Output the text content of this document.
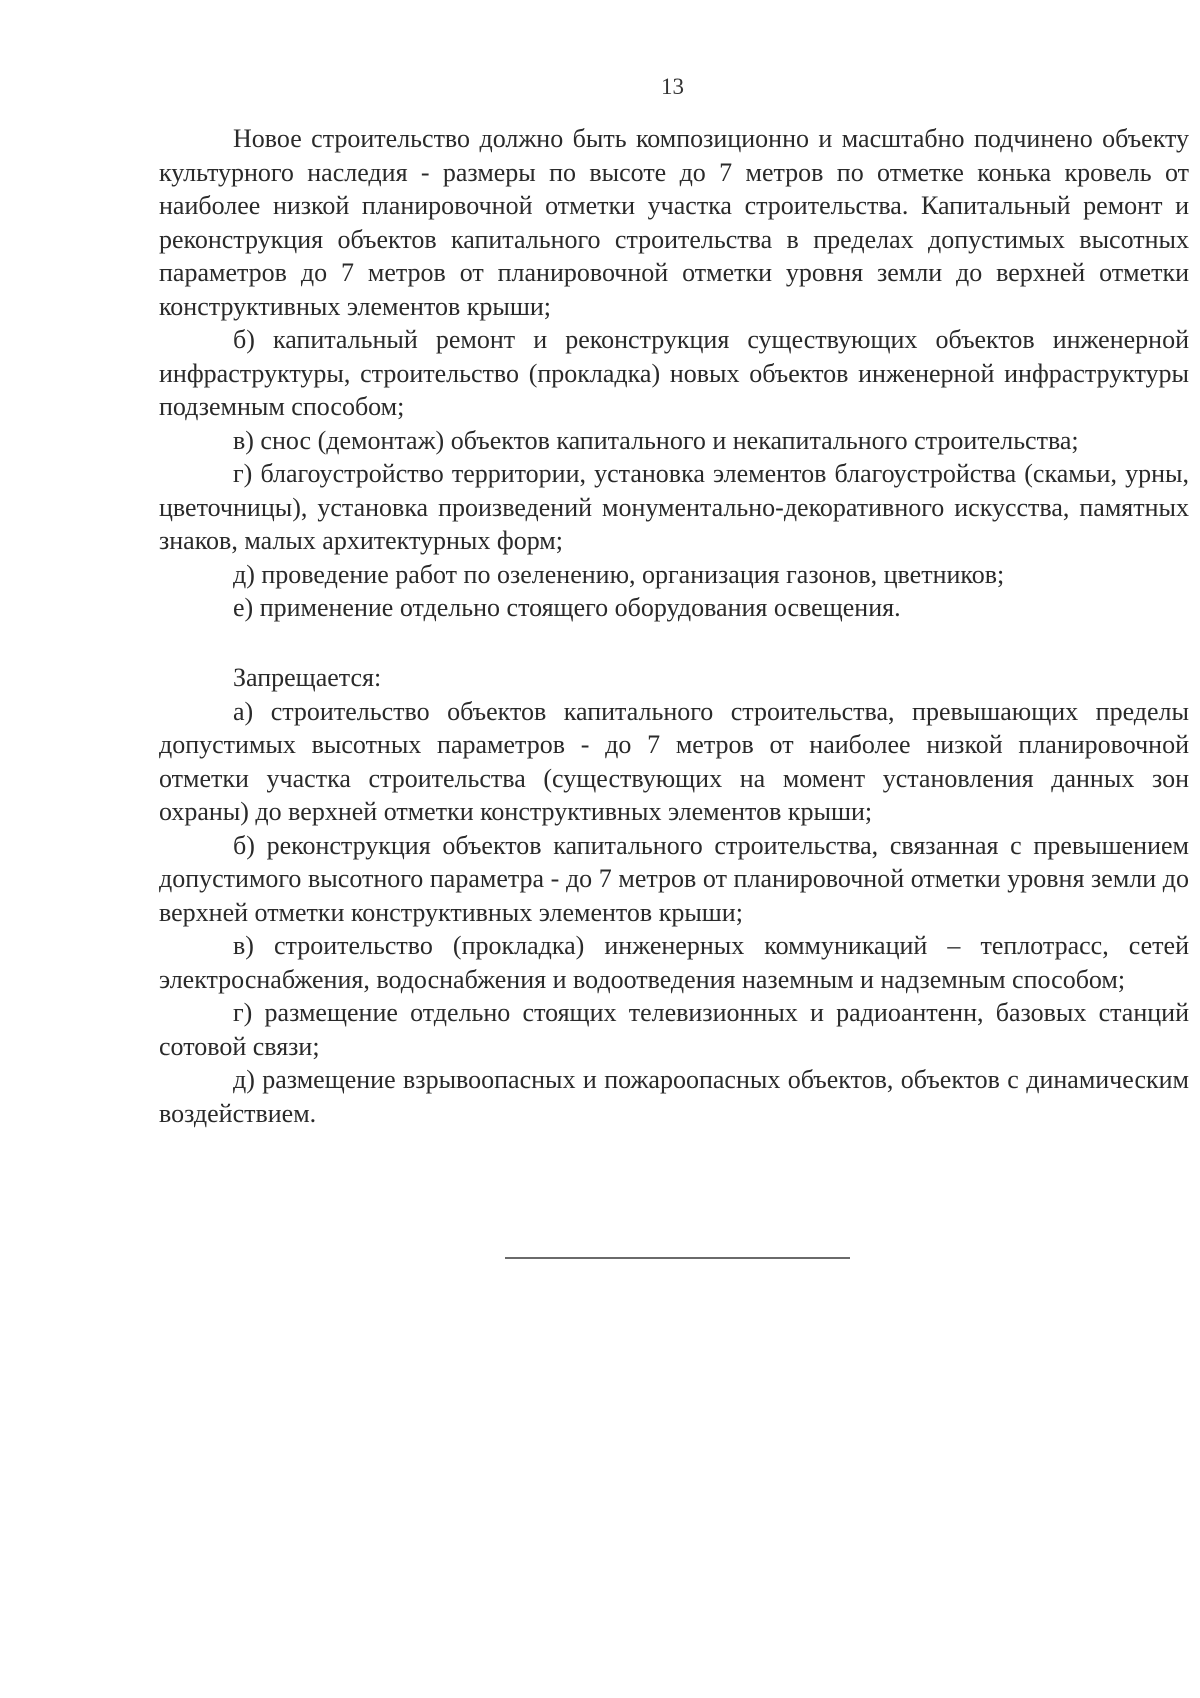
13

Новое строительство должно быть композиционно и масштабно подчинено объекту культурного наследия - размеры по высоте до 7 метров по отметке конька кровель от наиболее низкой планировочной отметки участка строительства. Капитальный ремонт и реконструкция объектов капитального строительства в пределах допустимых высотных параметров до 7 метров от планировочной отметки уровня земли до верхней отметки конструктивных элементов крыши;

б) капитальный ремонт и реконструкция существующих объектов инженерной инфраструктуры, строительство (прокладка) новых объектов инженерной инфраструктуры подземным способом;

в) снос (демонтаж) объектов капитального и некапитального строительства;

г) благоустройство территории, установка элементов благоустройства (скамьи, урны, цветочницы), установка произведений монументально-декоративного искусства, памятных знаков, малых архитектурных форм;

д) проведение работ по озеленению, организация газонов, цветников;

е) применение отдельно стоящего оборудования освещения.

Запрещается:

а) строительство объектов капитального строительства, превышающих пределы допустимых высотных параметров - до 7 метров от наиболее низкой планировочной отметки участка строительства (существующих на момент установления данных зон охраны) до верхней отметки конструктивных элементов крыши;

б) реконструкция объектов капитального строительства, связанная с превышением допустимого высотного параметра - до 7 метров от планировочной отметки уровня земли до верхней отметки конструктивных элементов крыши;

в) строительство (прокладка) инженерных коммуникаций – теплотрасс, сетей электроснабжения, водоснабжения и водоотведения наземным и надземным способом;

г) размещение отдельно стоящих телевизионных и радиоантенн, базовых станций сотовой связи;

д) размещение взрывоопасных и пожароопасных объектов, объектов с динамическим воздействием.
